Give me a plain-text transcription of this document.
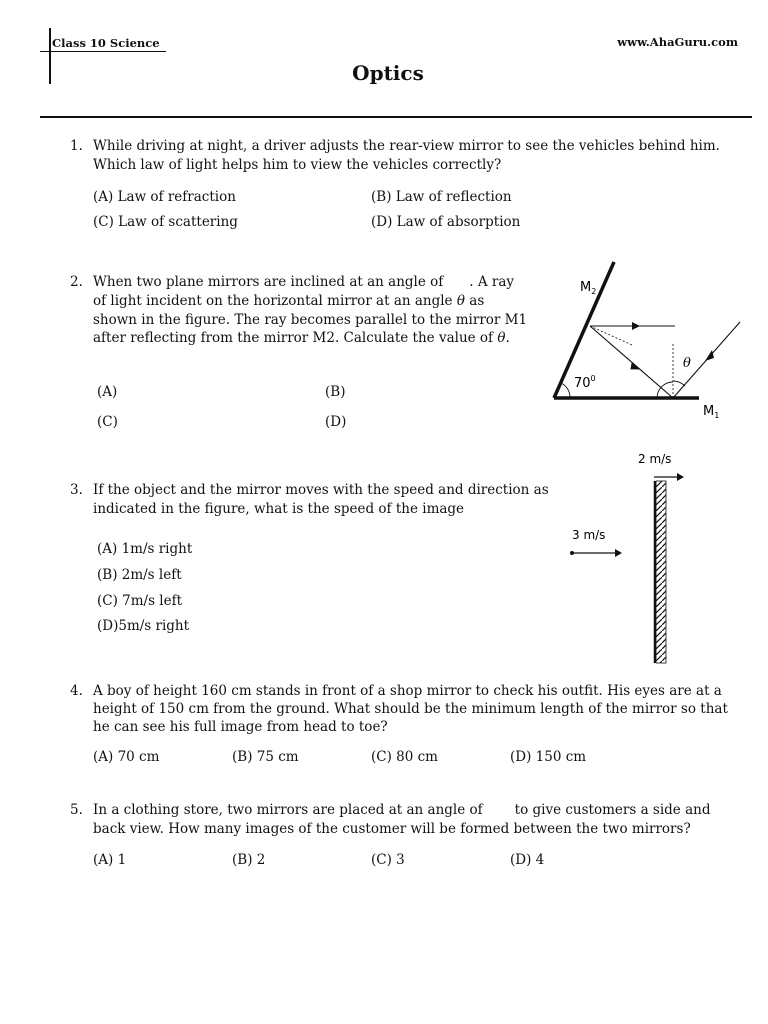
Class 10 Science	www.AhaGuru.com
Optics
1. While driving at night, a driver adjusts the rear-view mirror to see the vehicles behind him.
Which law of light helps him to view the vehicles correctly?
(A) Law of refraction	(B) Law of reflection
(C) Law of scattering	(D) Law of absorption
2. When two plane mirrors are inclined at an angle of . A ray
of light incident on the horizontal mirror at an angle θ as
shown in the figure. The ray becomes parallel to the mirror M1
after reflecting from the mirror M2. Calculate the value of θ.
(A)	(B)
(C)	(D)
$M_2$
$M_1$
$70^0$
θ
3. If the object and the mirror moves with the speed and direction as
indicated in the figure, what is the speed of the image
(A) 1m/s right
(B) 2m/s left
(C) 7m/s left
(D)5m/s right
2 m/s
3 m/s
4. A boy of height 160 cm stands in front of a shop mirror to check his outfit. His eyes are at a
height of 150 cm from the ground. What should be the minimum length of the mirror so that
he can see his full image from head to toe?
(A) 70 cm	(B) 75 cm	(C) 80 cm	(D) 150 cm
5. In a clothing store, two mirrors are placed at an angle of to give customers a side and
back view. How many images of the customer will be formed between the two mirrors?
(A) 1	(B) 2	(C) 3	(D) 4
